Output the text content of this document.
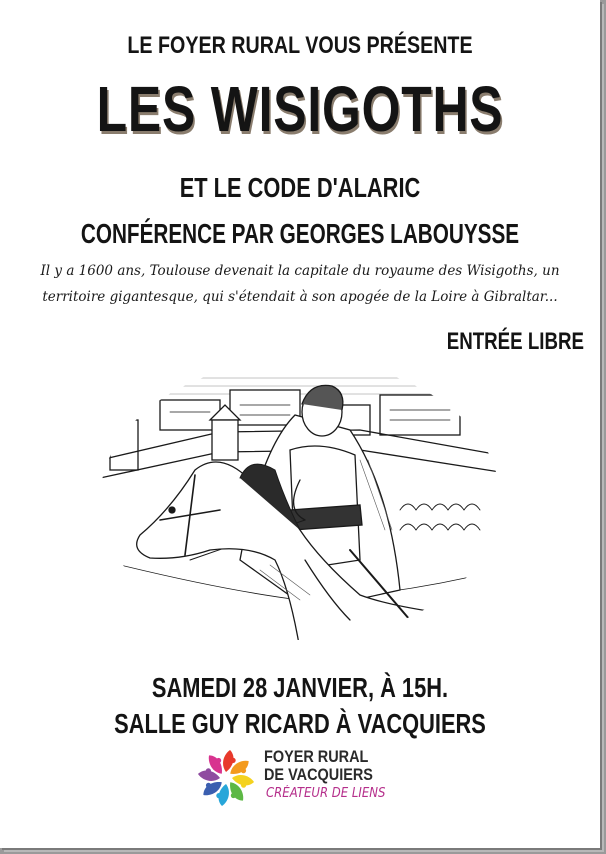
LE FOYER RURAL VOUS PRÉSENTE
LES WISIGOTHS
ET LE CODE D'ALARIC
CONFÉRENCE PAR GEORGES LABOUYSSE
Il y a 1600 ans, Toulouse devenait la capitale du royaume des Wisigoths, un territoire gigantesque, qui s'étendait à son apogée de la Loire à Gibraltar...
ENTRÉE LIBRE
SAMEDI 28 JANVIER, À 15H.
SALLE GUY RICARD À VACQUIERS
FOYER RURAL
DE VACQUIERS
CRÉATEUR DE LIENS
